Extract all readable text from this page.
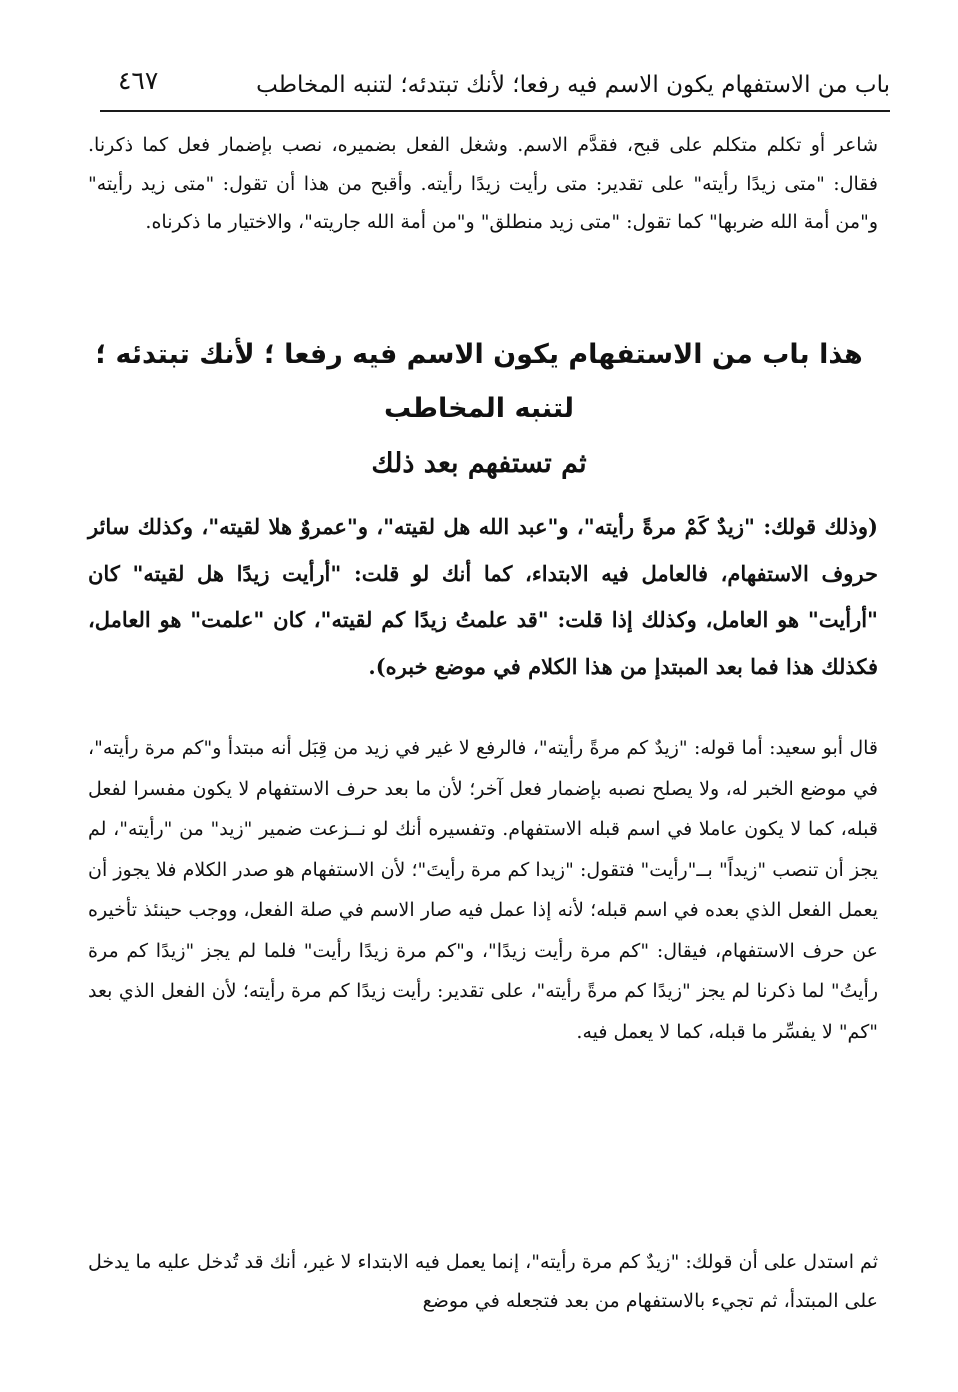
باب من الاستفهام يكون الاسم فيه رفعا؛ لأنك تبتدئه؛ لتنبه المخاطب
٤٦٧

شاعر أو تكلم متكلم على قبح، فقدَّم الاسم. وشغل الفعل بضميره، نصب بإضمار فعل كما ذكرنا. فقال: "متى زيدًا رأيته" على تقدير: متى رأيت زيدًا رأيته. وأقبح من هذا أن تقول: "متى زيد رأيته" و"من أمة الله ضربها" كما تقول: "متى زيد منطلق" و"من أمة الله جاريته"، والاختيار ما ذكرناه.

هذا باب من الاستفهام يكون الاسم فيه رفعا ؛ لأنك تبتدئه ؛ لتنبه المخاطب
ثم تستفهم بعد ذلك

(وذلك قولك: "زيدٌ كَمْ مرةً رأيته"، و"عبد الله هل لقيته"، و"عمروٌ هلا لقيته"، وكذلك سائر حروف الاستفهام، فالعامل فيه الابتداء، كما أنك لو قلت: "أرأيت زيدًا هل لقيته" كان "أرأيت" هو العامل، وكذلك إذا قلت: "قد علمتُ زيدًا كم لقيته"، كان "علمت" هو العامل، فكذلك هذا فما بعد المبتدإ من هذا الكلام في موضع خبره).

قال أبو سعيد: أما قوله: "زيدٌ كم مرةً رأيته"، فالرفع لا غير في زيد من قِبَل أنه مبتدأ و"كم مرة رأيته"، في موضع الخبر له، ولا يصلح نصبه بإضمار فعل آخر؛ لأن ما بعد حرف الاستفهام لا يكون مفسرا لفعل قبله، كما لا يكون عاملا في اسم قبله الاستفهام. وتفسيره أنك لو نــزعت ضمير "زيد" من "رأيته"، لم يجز أن تنصب "زيداً" بــ"رأيت" فتقول: "زيدا كم مرة رأيتَ"؛ لأن الاستفهام هو صدر الكلام فلا يجوز أن يعمل الفعل الذي بعده في اسم قبله؛ لأنه إذا عمل فيه صار الاسم في صلة الفعل، ووجب حينئذ تأخيره عن حرف الاستفهام، فيقال: "كم مرة رأيت زيدًا"، و"كم مرة زيدًا رأيت" فلما لم يجز "زيدًا كم مرة رأيتُ" لما ذكرنا لم يجز "زيدًا كم مرةً رأيته"، على تقدير: رأيت زيدًا كم مرة رأيته؛ لأن الفعل الذي بعد "كم" لا يفسِّر ما قبله، كما لا يعمل فيه.

ثم استدل على أن قولك: "زيدٌ كم مرة رأيته"، إنما يعمل فيه الابتداء لا غير، أنك قد تُدخل عليه ما يدخل على المبتدأ، ثم تجيء بالاستفهام من بعد فتجعله في موضع
